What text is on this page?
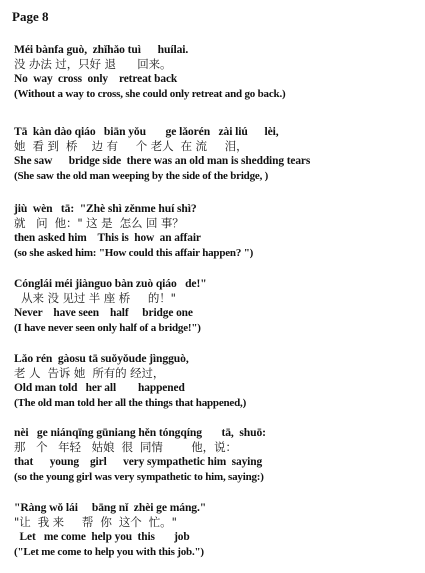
Page 8
Méi bànfa guò,  zhǐhǎo tuì      huílai.
没 办法 过，只好 退      回来。
No  way  cross  only    retreat back
(Without a way to cross, she could only retreat and go back.)
Tā  kàn dào qiáo   biān yǒu       ge lǎorén   zài liú      lèi,
她  看 到  桥    边 有     个 老人  在 流     泪，
She saw      bridge side  there was an old man is shedding tears
(She saw the old man weeping by the side of the bridge, )
jiù  wèn   tā:  "Zhè shì zěnme huí shì?
就   问  他：" 这 是  怎么 回 事？
then asked him    This is  how  an affair
(so she asked him: "How could this affair happen? ")
Cónglái méi jiànguo bàn zuò qiáo   de!"
从来 没 见过 半 座 桥     的！"
Never    have seen    half     bridge one
(I have never seen only half of a bridge!")
Lǎo rén  gàosu tā suǒyǒude jìngguò,
老 人  告诉 她  所有的 经过，
Old man told   her all        happened
(The old man told her all the things that happened,)
nèi   ge niánqīng gūniang hěn tóngqíng       tā,  shuō:
那   个   年轻   姑娘  很  同情        他，说：
that      young    girl      very sympathetic him  saying
(so the young girl was very sympathetic to him, saying:)
"Ràng wǒ lái     bāng nǐ  zhèi ge máng."
"让  我 来     帮  你  这个  忙。"
Let   me come  help you  this       job
("Let me come to help you with this job.")
